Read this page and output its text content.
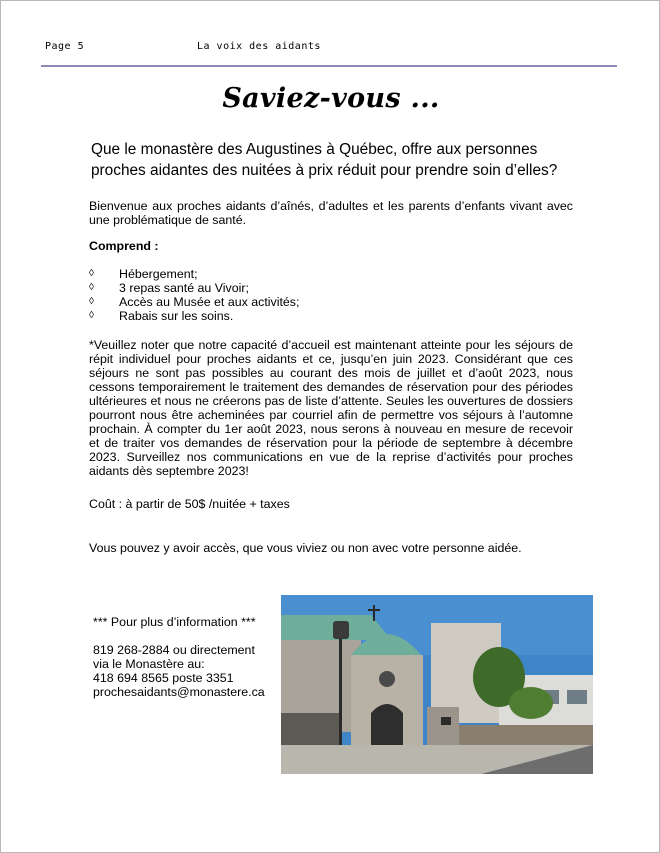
Page 5	La voix des aidants
Saviez-vous ...
Que le monastère des Augustines à Québec, offre aux personnes proches aidantes des nuitées à prix réduit pour prendre soin d’elles?
Bienvenue aux proches aidants d’aînés, d’adultes et les parents d’enfants vivant avec une problématique de santé.
Comprend :
◊	Hébergement;
◊	3 repas santé au Vivoir;
◊	Accès au Musée et aux activités;
◊	Rabais sur les soins.
*Veuillez noter que notre capacité d’accueil est maintenant atteinte pour les séjours de répit individuel pour proches aidants et ce, jusqu’en juin 2023. Considérant que ces séjours ne sont pas possibles au courant des mois de juillet et d’août 2023, nous cessons temporairement le traitement des demandes de réservation pour des périodes ultérieures et nous ne créerons pas de liste d’attente. Seules les ouvertures de dossiers pourront nous être acheminées par courriel afin de permettre vos séjours à l’automne prochain. À compter du 1er août 2023, nous serons à nouveau en mesure de recevoir et de traiter vos demandes de réservation pour la période de septembre à décembre 2023. Surveillez nos communications en vue de la reprise d’activités pour proches aidants dès septembre 2023!
Coût : à partir de 50$ /nuitée + taxes
Vous pouvez y avoir accès, que vous viviez ou non avec votre personne aidée.
*** Pour plus d’information ***
819 268-2884 ou directement
via le Monastère au:
418 694 8565 poste 3351
prochesaidants@monastere.ca
